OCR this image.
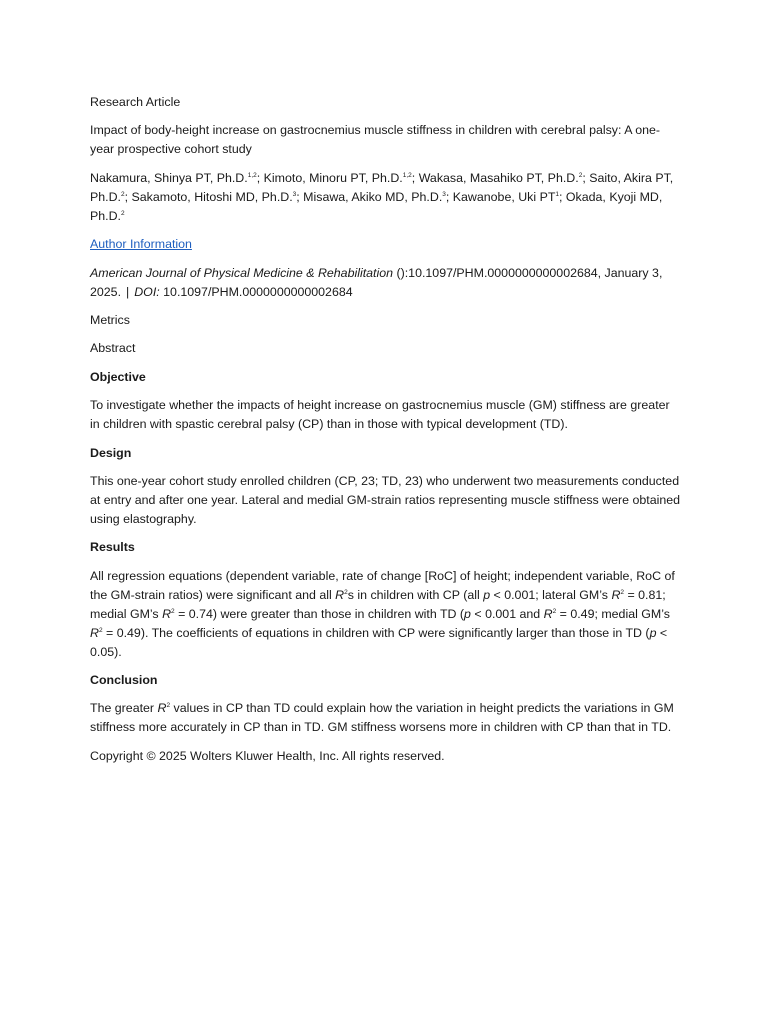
Research Article

Impact of body-height increase on gastrocnemius muscle stiffness in children with cerebral palsy: A one-year prospective cohort study

Nakamura, Shinya PT, Ph.D.$^{1,2}$; Kimoto, Minoru PT, Ph.D.$^{1,2}$; Wakasa, Masahiko PT, Ph.D.$^2$; Saito, Akira PT, Ph.D.$^2$; Sakamoto, Hitoshi MD, Ph.D.$^3$; Misawa, Akiko MD, Ph.D.$^3$; Kawanobe, Uki $PT^1$; Okada, Kyoji MD, Ph.D.$^2$

Author Information

American Journal of Physical Medicine & Rehabilitation ():10.1097/PHM.0000000000002684, January 3, 2025. | DOI: 10.1097/PHM.0000000000002684

Metrics

Abstract

Objective

To investigate whether the impacts of height increase on gastrocnemius muscle (GM) stiffness are greater in children with spastic cerebral palsy (CP) than in those with typical development (TD).

Design

This one-year cohort study enrolled children (CP, 23; TD, 23) who underwent two measurements conducted at entry and after one year. Lateral and medial GM-strain ratios representing muscle stiffness were obtained using elastography.

Results

All regression equations (dependent variable, rate of change [RoC] of height; independent variable, RoC of the GM-strain ratios) were significant and all $R^2s$ in children with CP (all p < 0.001; lateral GM’s $R^2 = 0.81$; medial GM’s $R^2 = 0.74$) were greater than those in children with TD (p < 0.001 and $R^2 = 0.49$; medial GM’s $R^2 = 0.49$). The coefficients of equations in children with CP were significantly larger than those in TD (p < 0.05).

Conclusion

The greater $R^2$ values in CP than TD could explain how the variation in height predicts the variations in GM stiffness more accurately in CP than in TD. GM stiffness worsens more in children with CP than that in TD.

Copyright © 2025 Wolters Kluwer Health, Inc. All rights reserved.
